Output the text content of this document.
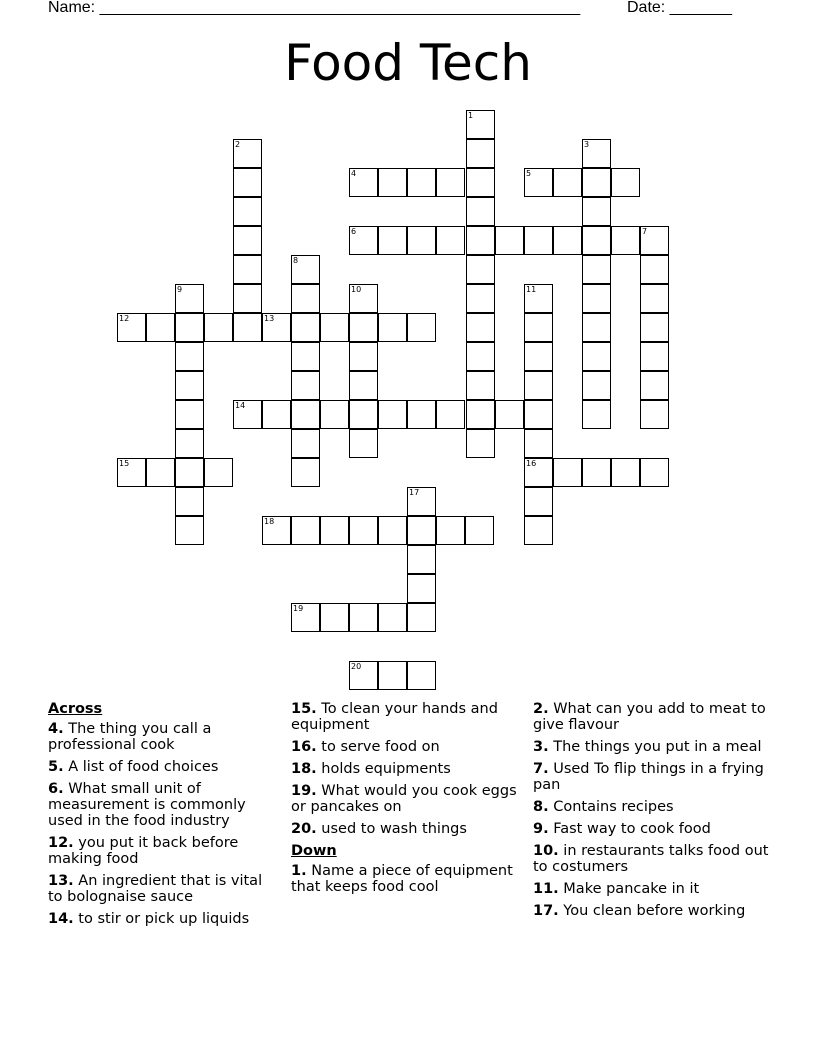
Name: ______________________________________________________	Date: _______
Food Tech
1
2	3
4	5
6	7
8
9	10	11
12	13
14
15	16
17
18
19
20
Across
4. The thing you call a professional cook
5. A list of food choices
6. What small unit of measurement is commonly used in the food industry
12. you put it back before making food
13. An ingredient that is vital to bolognaise sauce
14. to stir or pick up liquids
15. To clean your hands and equipment
16. to serve food on
18. holds equipments
19. What would you cook eggs or pancakes on
20. used to wash things
Down
1. Name a piece of equipment that keeps food cool
2. What can you add to meat to give flavour
3. The things you put in a meal
7. Used To flip things in a frying pan
8. Contains recipes
9. Fast way to cook food
10. in restaurants talks food out to costumers
11. Make pancake in it
17. You clean before working
